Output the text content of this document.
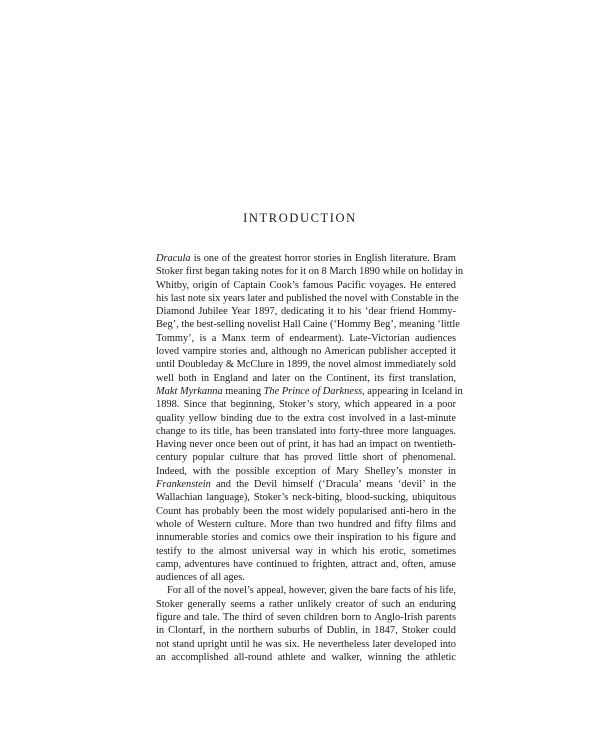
INTRODUCTION
Dracula is one of the greatest horror stories in English literature. Bram
Stoker first began taking notes for it on 8 March 1890 while on holiday in
Whitby, origin of Captain Cook’s famous Pacific voyages. He entered
his last note six years later and published the novel with Constable in the
Diamond Jubilee Year 1897, dedicating it to his ‘dear friend Hommy-
Beg’, the best-selling novelist Hall Caine (‘Hommy Beg’, meaning ‘little
Tommy’, is a Manx term of endearment). Late-Victorian audiences
loved vampire stories and, although no American publisher accepted it
until Doubleday & McClure in 1899, the novel almost immediately sold
well both in England and later on the Continent, its first translation,
Makt Myrkanna meaning The Prince of Darkness, appearing in Iceland in
1898. Since that beginning, Stoker’s story, which appeared in a poor
quality yellow binding due to the extra cost involved in a last-minute
change to its title, has been translated into forty-three more languages.
Having never once been out of print, it has had an impact on twentieth-
century popular culture that has proved little short of phenomenal.
Indeed, with the possible exception of Mary Shelley’s monster in
Frankenstein and the Devil himself (‘Dracula’ means ‘devil’ in the
Wallachian language), Stoker’s neck-biting, blood-sucking, ubiquitous
Count has probably been the most widely popularised anti-hero in the
whole of Western culture. More than two hundred and fifty films and
innumerable stories and comics owe their inspiration to his figure and
testify to the almost universal way in which his erotic, sometimes
camp, adventures have continued to frighten, attract and, often, amuse
audiences of all ages.
For all of the novel’s appeal, however, given the bare facts of his life,
Stoker generally seems a rather unlikely creator of such an enduring
figure and tale. The third of seven children born to Anglo-Irish parents
in Clontarf, in the northern suburbs of Dublin, in 1847, Stoker could
not stand upright until he was six. He nevertheless later developed into
an accomplished all-round athlete and walker, winning the athletic
